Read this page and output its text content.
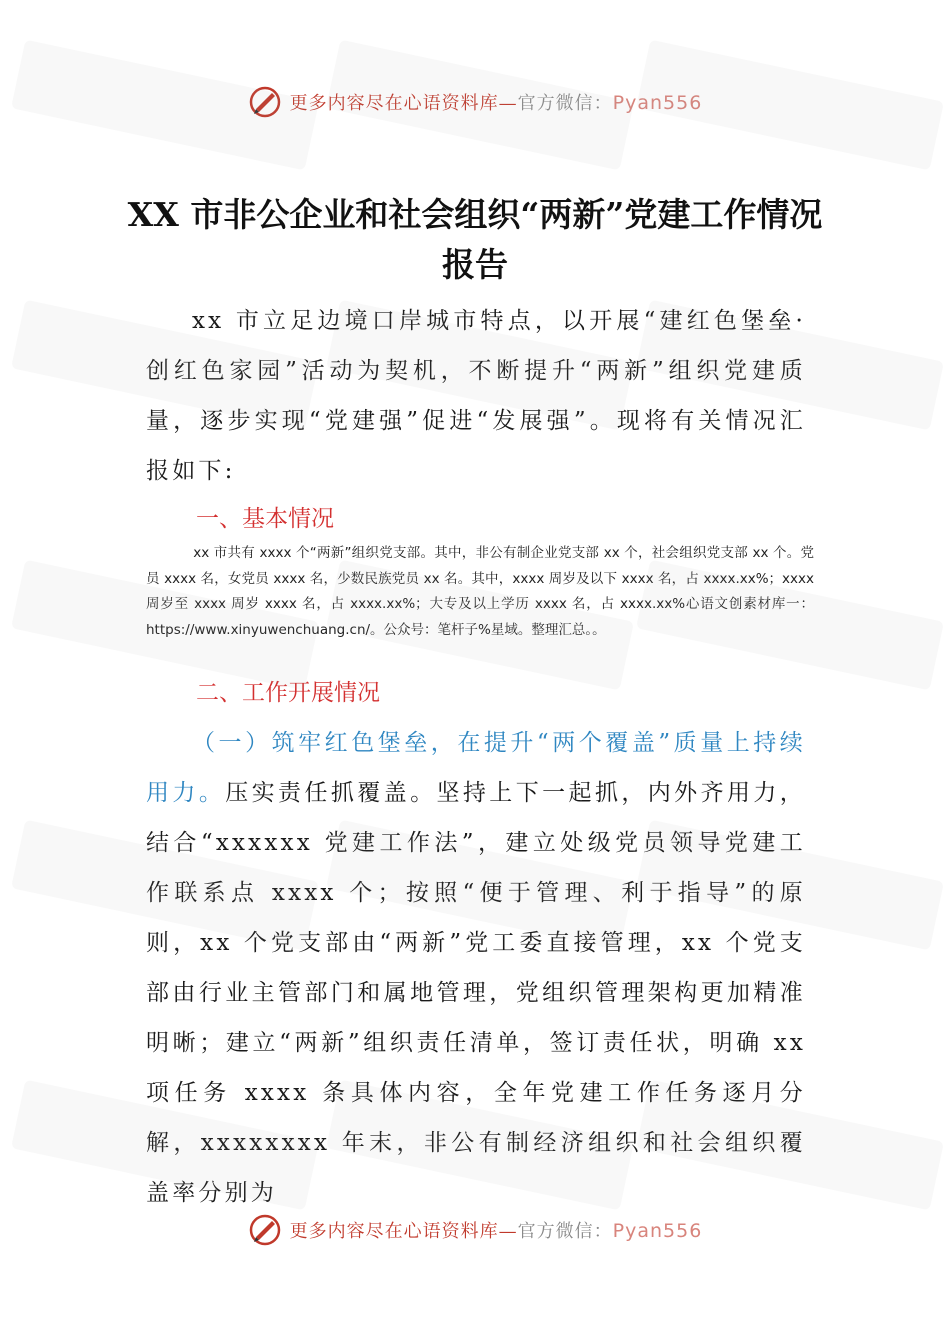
更多内容尽在心语资料库—官方微信：Pyan556
XX 市非公企业和社会组织“两新”党建工作情况报告

xx 市立足边境口岸城市特点，以开展“建红色堡垒·创红色家园”活动为契机，不断提升“两新”组织党建质量，逐步实现“党建强”促进“发展强”。现将有关情况汇报如下:

一、基本情况

xx 市共有 xxxx 个“两新”组织党支部。其中，非公有制企业党支部 xx 个，社会组织党支部 xx 个。党员 xxxx 名，女党员 xxxx 名，少数民族党员 xx 名。其中，xxxx 周岁及以下 xxxx 名，占 xxxx.xx%；xxxx 周岁至 xxxx 周岁 xxxx 名，占 xxxx.xx%；大专及以上学历 xxxx 名，占 xxxx.xx%心语文创素材库一：https://www.xinyuwenchuang.cn/。公众号：笔杆子%星域。整理汇总。。

二、工作开展情况

（一）筑牢红色堡垒，在提升“两个覆盖”质量上持续用力。压实责任抓覆盖。坚持上下一起抓，内外齐用力，结合“xxxxxx 党建工作法”，建立处级党员领导党建工作联系点 xxxx 个；按照“便于管理、利于指导”的原则，xx 个党支部由“两新”党工委直接管理，xx 个党支部由行业主管部门和属地管理，党组织管理架构更加精准明晰；建立“两新”组织责任清单，签订责任状，明确 xx 项任务 xxxx 条具体内容，全年党建工作任务逐月分解，xxxxxxxx 年末，非公有制经济组织和社会组织覆盖率分别为

更多内容尽在心语资料库—官方微信：Pyan556
